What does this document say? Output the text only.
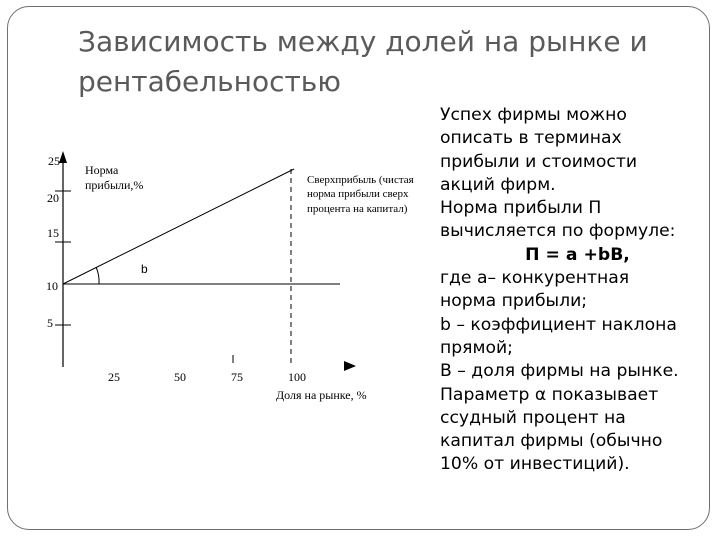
Зависимость между долей на рынке и
рентабельностью
25
20
15
10
5
Норма
прибыли,%
b
Сверхприбыль (чистая
норма прибыли сверх
процента на капитал)
25	50	75	100
Доля на рынке, %
Успех фирмы можно
описать в терминах
прибыли и стоимости
акций фирм.
Норма прибыли П
вычисляется по формуле:
П = a +bВ,
где a– конкурентная
норма прибыли;
b – коэффициент наклона
прямой;
В – доля фирмы на рынке.
Параметр α показывает
ссудный процент на
капитал фирмы (обычно
10% от инвестиций).
